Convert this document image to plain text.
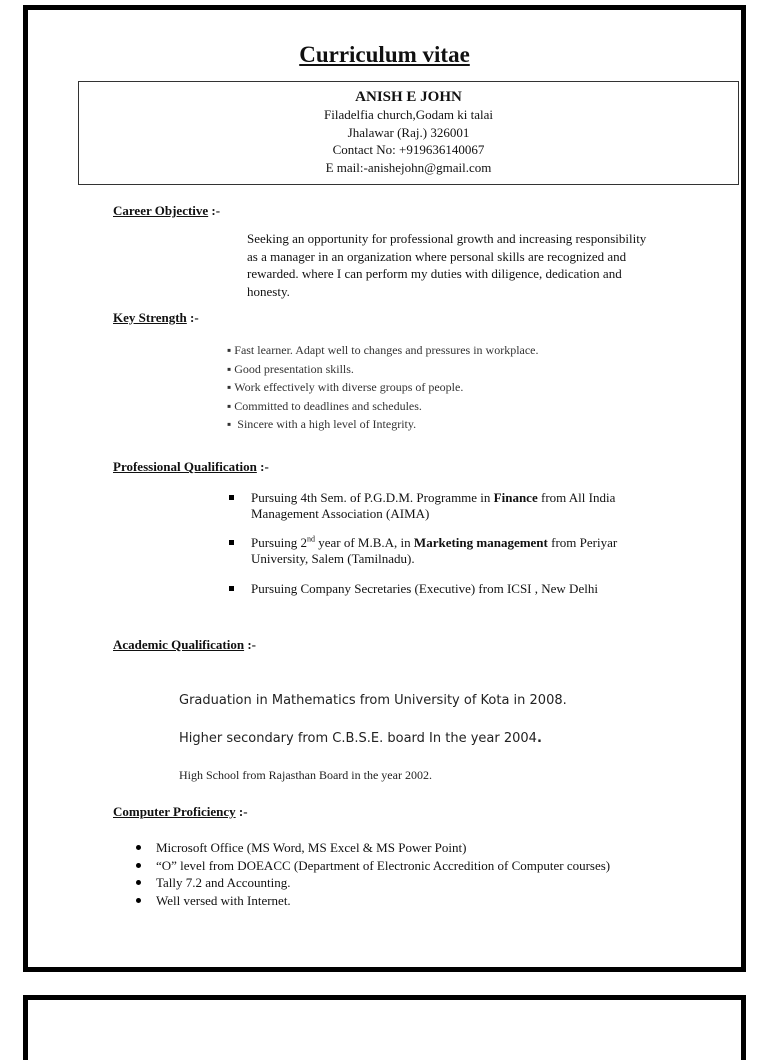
Curriculum vitae
ANISH E JOHN
Filadelfia church,Godam ki talai
Jhalawar (Raj.) 326001
Contact No: +919636140067
E mail:-anishejohn@gmail.com
Career Objective :-
Seeking an opportunity for professional growth and increasing responsibility as a manager in an organization where personal skills are recognized and rewarded. where I can perform my duties with diligence, dedication and honesty.
Key Strength :-
▪ Fast learner. Adapt well to changes and pressures in workplace.
▪ Good presentation skills.
▪ Work effectively with diverse groups of people.
▪ Committed to deadlines and schedules.
▪  Sincere with a high level of Integrity.
Professional Qualification :-
Pursuing 4th Sem. of P.G.D.M. Programme in Finance from All India Management Association (AIMA)
Pursuing 2nd year of M.B.A, in Marketing management from Periyar University, Salem (Tamilnadu).
Pursuing Company Secretaries (Executive) from ICSI , New Delhi
Academic Qualification :-
Graduation in Mathematics from University of Kota in 2008.
Higher secondary from C.B.S.E. board In the year 2004.
High School from Rajasthan Board in the year 2002.
Computer Proficiency :-
Microsoft Office (MS Word, MS Excel & MS Power Point)
“O” level from DOEACC (Department of Electronic Accredition of Computer courses)
Tally 7.2 and Accounting.
Well versed with Internet.
